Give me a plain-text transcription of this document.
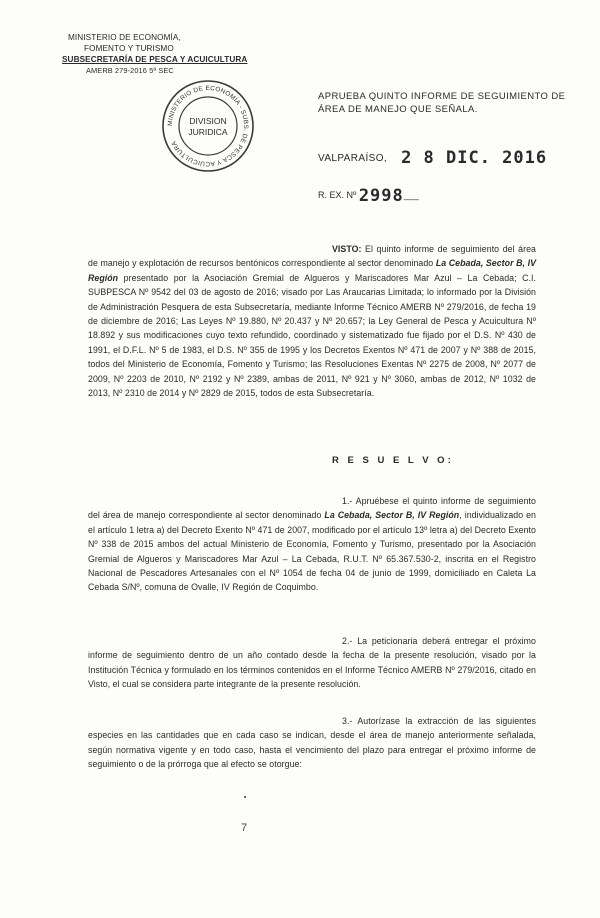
MINISTERIO DE ECONOMÍA,
FOMENTO Y TURISMO
SUBSECRETARÍA DE PESCA Y ACUICULTURA
AMERB 279-2016 5ª SEC
MINISTERIO DE ECONOMÍA - SUBS. DE PESCA Y ACUICULTURA
DIVISION
JURIDICA
APRUEBA QUINTO INFORME DE SEGUIMIENTO DE
ÁREA DE MANEJO QUE SEÑALA.
VALPARAÍSO, 2 8 DIC. 2016
R. EX. Nº 2998___
VISTO: El quinto informe de seguimiento del área de manejo y explotación de recursos bentónicos correspondiente al sector denominado La Cebada, Sector B, IV Región presentado por la Asociación Gremial de Algueros y Mariscadores Mar Azul – La Cebada; C.I. SUBPESCA Nº 9542 del 03 de agosto de 2016; visado por Las Araucarias Limitada; lo informado por la División de Administración Pesquera de esta Subsecretaría, mediante Informe Técnico AMERB Nº 279/2016, de fecha 19 de diciembre de 2016; Las Leyes Nº 19.880, Nº 20.437 y Nº 20.657; la Ley General de Pesca y Acuicultura Nº 18.892 y sus modificaciones cuyo texto refundido, coordinado y sistematizado fue fijado por el D.S. Nº 430 de 1991, el D.F.L. Nº 5 de 1983, el D.S. Nº 355 de 1995 y los Decretos Exentos Nº 471 de 2007 y Nº 388 de 2015, todos del Ministerio de Economía, Fomento y Turismo; las Resoluciones Exentas Nº 2275 de 2008, Nº 2077 de 2009, Nº 2203 de 2010, Nº 2192 y Nº 2389, ambas de 2011, Nº 921 y Nº 3060, ambas de 2012, Nº 1032 de 2013, Nº 2310 de 2014 y Nº 2829 de 2015, todos de esta Subsecretaría.
R E S U E L V O:
1.- Apruébese el quinto informe de seguimiento del área de manejo correspondiente al sector denominado La Cebada, Sector B, IV Región, individualizado en el artículo 1 letra a) del Decreto Exento Nº 471 de 2007, modificado por el artículo 13º letra a) del Decreto Exento Nº 338 de 2015 ambos del actual Ministerio de Economía, Fomento y Turismo, presentado por la Asociación Gremial de Algueros y Mariscadores Mar Azul – La Cebada, R.U.T. Nº 65.367.530-2, inscrita en el Registro Nacional de Pescadores Artesanales con el Nº 1054 de fecha 04 de junio de 1999, domiciliado en Caleta La Cebada S/Nº, comuna de Ovalle, IV Región de Coquimbo.
2.- La peticionaria deberá entregar el próximo informe de seguimiento dentro de un año contado desde la fecha de la presente resolución, visado por la Institución Técnica y formulado en los términos contenidos en el Informe Técnico AMERB Nº 279/2016, citado en Visto, el cual se considera parte integrante de la presente resolución.
3.- Autorízase la extracción de las siguientes especies en las cantidades que en cada caso se indican, desde el área de manejo anteriormente señalada, según normativa vigente y en todo caso, hasta el vencimiento del plazo para entregar el próximo informe de seguimiento o de la prórroga que al efecto se otorgue:
7
